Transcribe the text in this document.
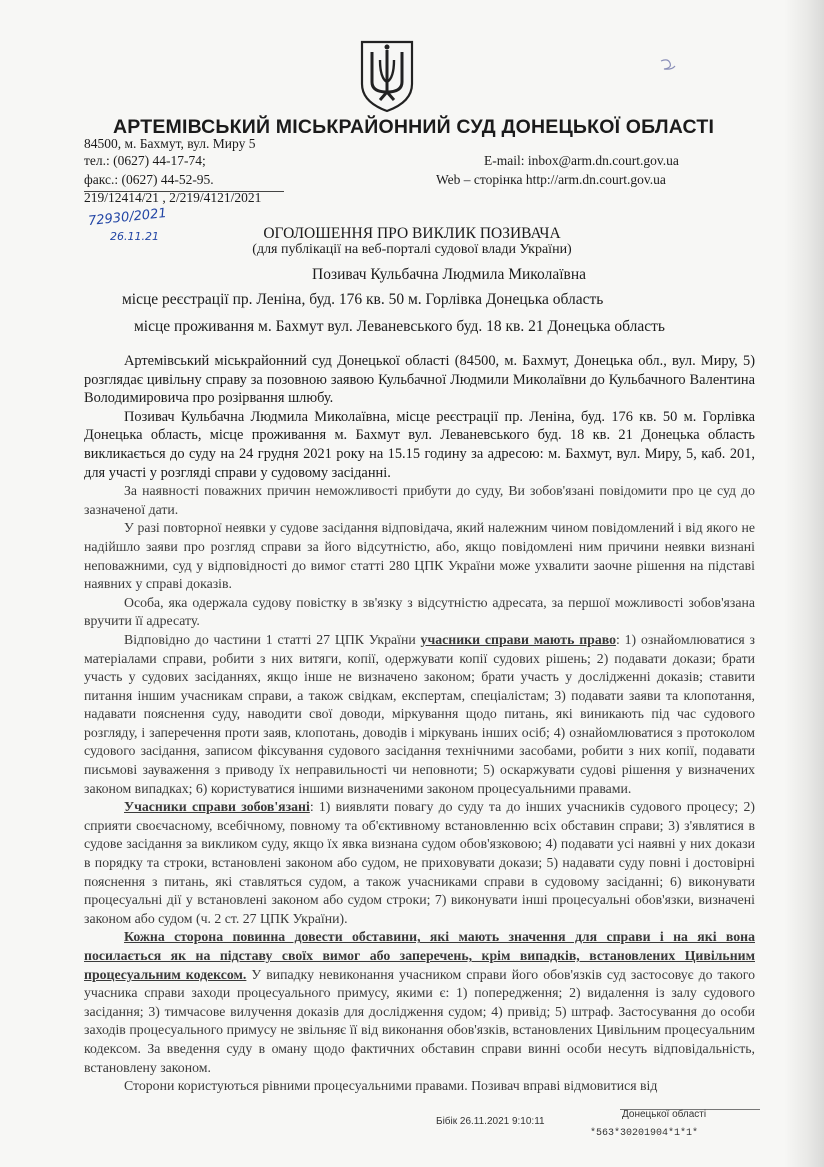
АРТЕМІВСЬКИЙ МІСЬКРАЙОННИЙ СУД ДОНЕЦЬКОЇ ОБЛАСТІ
84500, м. Бахмут, вул. Миру 5
тел.: (0627) 44-17-74;
факс.: (0627) 44-52-95.
E-mail: inbox@arm.dn.court.gov.ua
Web – сторінка http://arm.dn.court.gov.ua
219/12414/21 , 2/219/4121/2021
72930/2021
26.11.21	ОГОЛОШЕННЯ ПРО ВИКЛИК ПОЗИВАЧА
(для публікації на веб-порталі судової влади України)
Позивач Кульбачна Людмила Миколаївна
місце реєстрації пр. Леніна, буд. 176 кв. 50 м. Горлівка Донецька область
місце проживання м. Бахмут вул. Леваневського буд. 18 кв. 21 Донецька область

Артемівський міськрайонний суд Донецької області (84500, м. Бахмут, Донецька обл., вул. Миру, 5) розглядає цивільну справу за позовною заявою Кульбачної Людмили Миколаївни до Кульбачного Валентина Володимировича про розірвання шлюбу.

Позивач Кульбачна Людмила Миколаївна, місце реєстрації пр. Леніна, буд. 176 кв. 50 м. Горлівка Донецька область, місце проживання м. Бахмут вул. Леваневського буд. 18 кв. 21 Донецька область викликається до суду на 24 грудня 2021 року на 15.15 годину за адресою: м. Бахмут, вул. Миру, 5, каб. 201, для участі у розгляді справи у судовому засіданні.

За наявності поважних причин неможливості прибути до суду, Ви зобов'язані повідомити про це суд до зазначеної дати.

У разі повторної неявки у судове засідання відповідача, який належним чином повідомлений і від якого не надійшло заяви про розгляд справи за його відсутністю, або, якщо повідомлені ним причини неявки визнані неповажними, суд у відповідності до вимог статті 280 ЦПК України може ухвалити заочне рішення на підставі наявних у справі доказів.

Особа, яка одержала судову повістку в зв'язку з відсутністю адресата, за першої можливості зобов'язана вручити її адресату.

Відповідно до частини 1 статті 27 ЦПК України учасники справи мають право: 1) ознайомлюватися з матеріалами справи, робити з них витяги, копії, одержувати копії судових рішень; 2) подавати докази; брати участь у судових засіданнях, якщо інше не визначено законом; брати участь у дослідженні доказів; ставити питання іншим учасникам справи, а також свідкам, експертам, спеціалістам; 3) подавати заяви та клопотання, надавати пояснення суду, наводити свої доводи, міркування щодо питань, які виникають під час судового розгляду, і заперечення проти заяв, клопотань, доводів і міркувань інших осіб; 4) ознайомлюватися з протоколом судового засідання, записом фіксування судового засідання технічними засобами, робити з них копії, подавати письмові зауваження з приводу їх неправильності чи неповноти; 5) оскаржувати судові рішення у визначених законом випадках; 6) користуватися іншими визначеними законом процесуальними правами.

Учасники справи зобов'язані: 1) виявляти повагу до суду та до інших учасників судового процесу; 2) сприяти своєчасному, всебічному, повному та об'єктивному встановленню всіх обставин справи; 3) з'являтися в судове засідання за викликом суду, якщо їх явка визнана судом обов'язковою; 4) подавати усі наявні у них докази в порядку та строки, встановлені законом або судом, не приховувати докази; 5) надавати суду повні і достовірні пояснення з питань, які ставляться судом, а також учасниками справи в судовому засіданні; 6) виконувати процесуальні дії у встановлені законом або судом строки; 7) виконувати інші процесуальні обов'язки, визначені законом або судом (ч. 2 ст. 27 ЦПК України).

Кожна сторона повинна довести обставини, які мають значення для справи і на які вона посилається як на підставу своїх вимог або заперечень, крім випадків, встановлених Цивільним процесуальним кодексом. У випадку невиконання учасником справи його обов'язків суд застосовує до такого учасника справи заходи процесуального примусу, якими є: 1) попередження; 2) видалення із залу судового засідання; 3) тимчасове вилучення доказів для дослідження судом; 4) привід; 5) штраф. Застосування до особи заходів процесуального примусу не звільняє її від виконання обов'язків, встановлених Цивільним процесуальним кодексом. За введення суду в оману щодо фактичних обставин справи винні особи несуть відповідальність, встановлену законом.

Сторони користуються рівними процесуальними правами. Позивач вправі відмовитися від

Донецької області
Бібік 26.11.2021 9:10:11
*563*30201904*1*1*
